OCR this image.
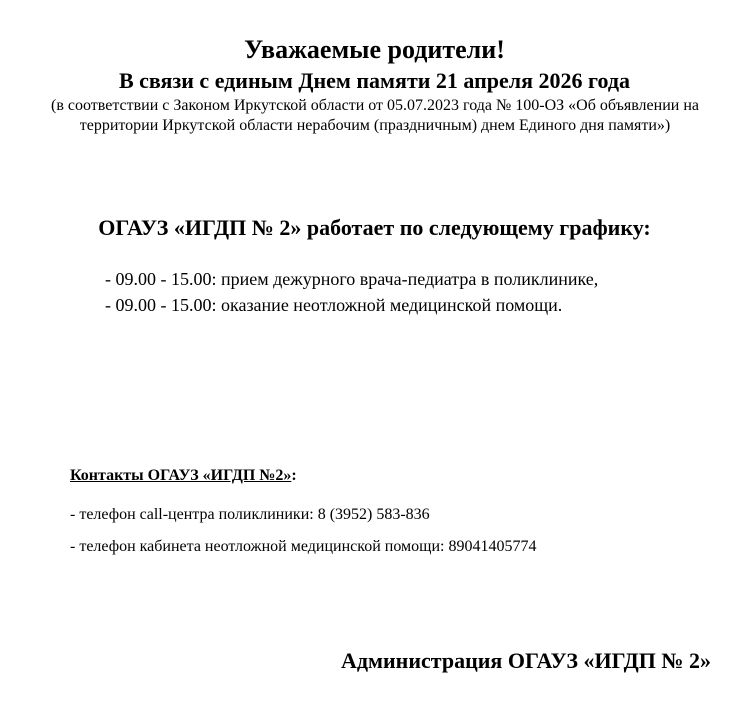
Уважаемые родители!
В связи с единым Днем памяти 21 апреля 2026 года

(в соответствии с Законом Иркутской области от 05.07.2023 года № 100-ОЗ «Об объявлении на территории Иркутской области нерабочим (праздничным) днем Единого дня памяти»)

ОГАУЗ «ИГДП № 2» работает по следующему графику:
- 09.00 - 15.00: прием дежурного врача-педиатра в поликлинике,
- 09.00 - 15.00: оказание неотложной медицинской помощи.

Контакты ОГАУЗ «ИГДП №2»:

- телефон call-центра поликлиники: 8 (3952) 583-836

- телефон кабинета неотложной медицинской помощи: 89041405774

Администрация ОГАУЗ «ИГДП № 2»
